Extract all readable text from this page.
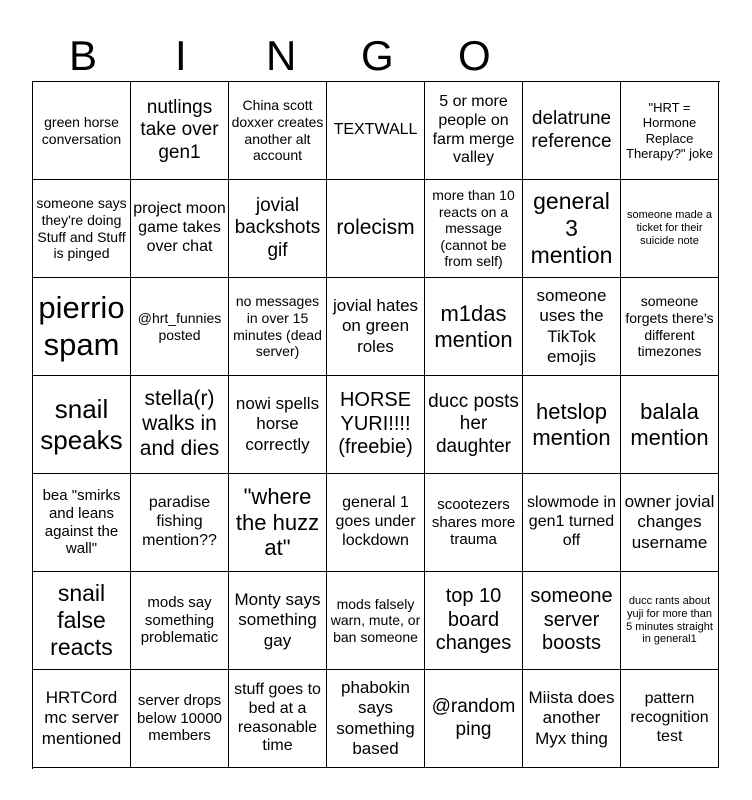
B I N G O
green horse conversation
nutlings take over gen1
China scott doxxer creates another alt account
TEXTWALL
5 or more people on farm merge valley
delatrune reference
"HRT = Hormone Replace Therapy?" joke
someone says they're doing Stuff and Stuff is pinged
project moon game takes over chat
jovial backshots gif
rolecism
more than 10 reacts on a message (cannot be from self)
general 3 mention
someone made a ticket for their suicide note
pierrio spam
@hrt_funnies posted
no messages in over 15 minutes (dead server)
jovial hates on green roles
m1das mention
someone uses the TikTok emojis
someone forgets there's different timezones
snail speaks
stella(r) walks in and dies
nowi spells horse correctly
HORSE YURI!!!! (freebie)
ducc posts her daughter
hetslop mention
balala mention
bea "smirks and leans against the wall"
paradise fishing mention??
"where the huzz at"
general 1 goes under lockdown
scootezers shares more trauma
slowmode in gen1 turned off
owner jovial changes username
snail false reacts
mods say something problematic
Monty says something gay
mods falsely warn, mute, or ban someone
top 10 board changes
someone server boosts
ducc rants about yuji for more than 5 minutes straight in general1
HRTCord mc server mentioned
server drops below 10000 members
stuff goes to bed at a reasonable time
phabokin says something based
@random ping
Miista does another Myx thing
pattern recognition test
